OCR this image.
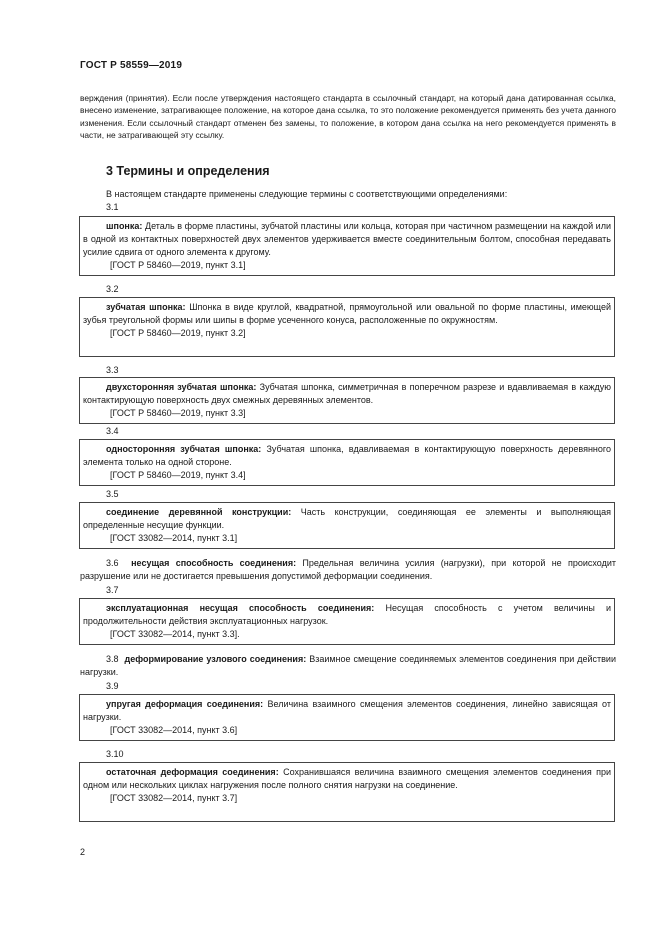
ГОСТ Р 58559—2019
верждения (принятия). Если после утверждения настоящего стандарта в ссылочный стандарт, на который дана датированная ссылка, внесено изменение, затрагивающее положение, на которое дана ссылка, то это положение рекомендуется применять без учета данного изменения. Если ссылочный стандарт отменен без замены, то положение, в котором дана ссылка на него рекомендуется применять в части, не затрагивающей эту ссылку.
3 Термины и определения
В настоящем стандарте применены следующие термины с соответствующими определениями:
3.1

шпонка: Деталь в форме пластины, зубчатой пластины или кольца, которая при частичном размещении на каждой или в одной из контактных поверхностей двух элементов удерживается вместе соединительным болтом, способная передавать усилие сдвига от одного элемента к другому.

[ГОСТ Р 58460—2019, пункт 3.1]
3.2

зубчатая шпонка: Шпонка в виде круглой, квадратной, прямоугольной или овальной по форме пластины, имеющей зубья треугольной формы или шипы в форме усеченного конуса, расположенные по окружностям.

[ГОСТ Р 58460—2019, пункт 3.2]
3.3

двухсторонняя зубчатая шпонка: Зубчатая шпонка, симметричная в поперечном разрезе и вдавливаемая в каждую контактирующую поверхность двух смежных деревянных элементов.

[ГОСТ Р 58460—2019, пункт 3.3]
3.4

односторонняя зубчатая шпонка: Зубчатая шпонка, вдавливаемая в контактирующую поверхность деревянного элемента только на одной стороне.

[ГОСТ Р 58460—2019, пункт 3.4]
3.5

соединение деревянной конструкции: Часть конструкции, соединяющая ее элементы и выполняющая определенные несущие функции.

[ГОСТ 33082—2014, пункт 3.1]

3.6 несущая способность соединения: Предельная величина усилия (нагрузки), при которой не происходит разрушение или не достигается превышения допустимой деформации соединения.

3.7

эксплуатационная несущая способность соединения: Несущая способность с учетом величины и продолжительности действия эксплуатационных нагрузок.

[ГОСТ 33082—2014, пункт 3.3].

3.8 деформирование узлового соединения: Взаимное смещение соединяемых элементов соединения при действии нагрузки.

3.9

упругая деформация соединения: Величина взаимного смещения элементов соединения, линейно зависящая от нагрузки.

[ГОСТ 33082—2014, пункт 3.6]
3.10

остаточная деформация соединения: Сохранившаяся величина взаимного смещения элементов соединения при одном или нескольких циклах нагружения после полного снятия нагрузки на соединение.

[ГОСТ 33082—2014, пункт 3.7]
2
